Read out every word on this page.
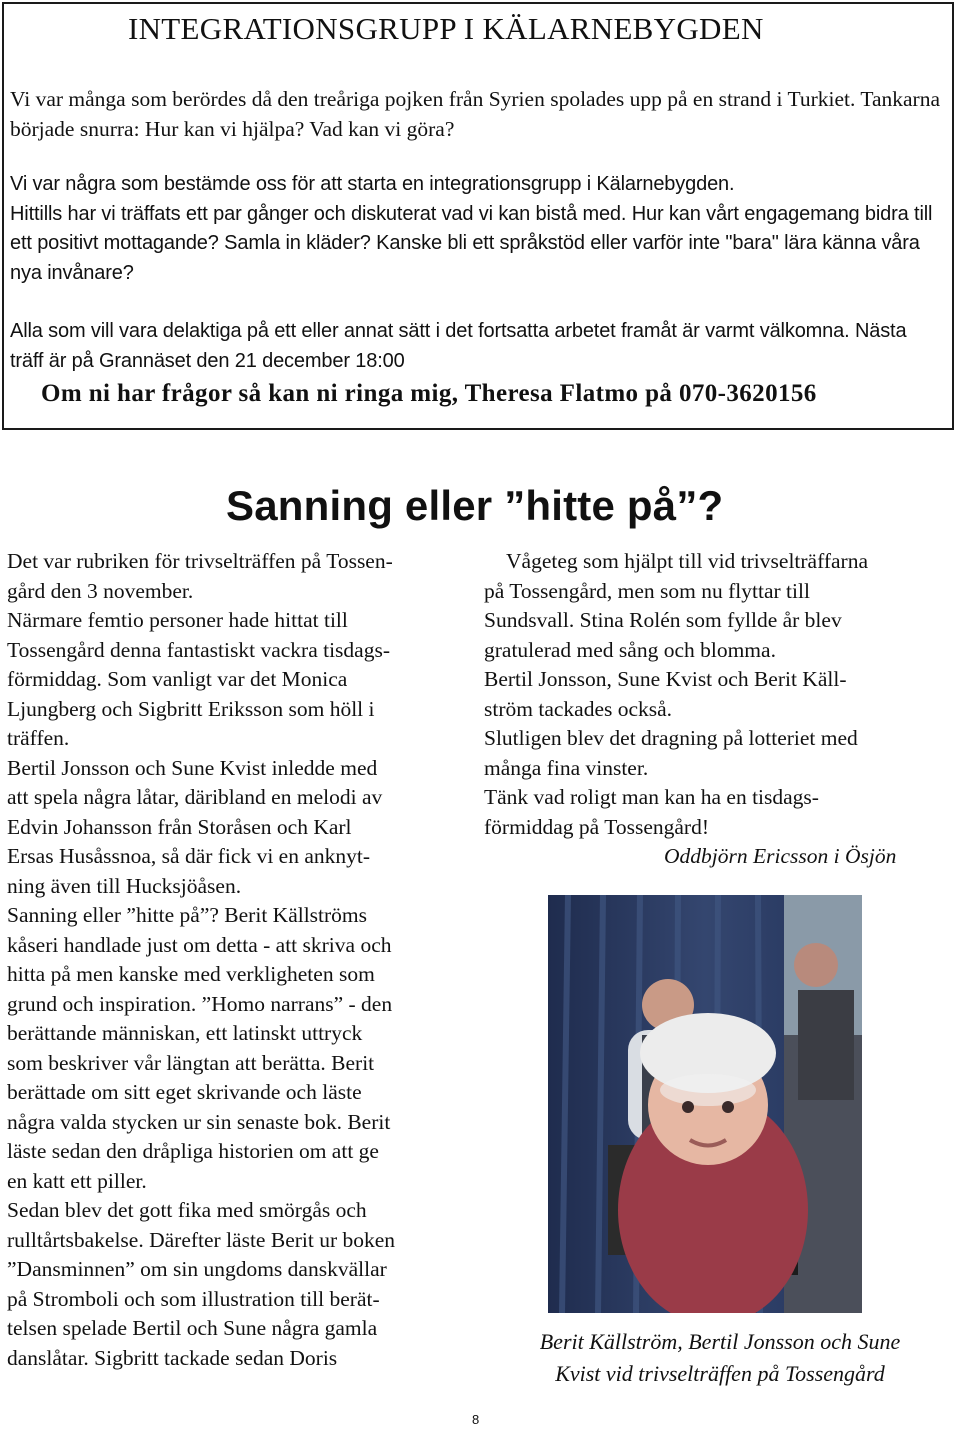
INTEGRATIONSGRUPP I KÄLARNEBYGDEN

Vi var många som berördes då den treåriga pojken från Syrien spolades upp på en strand i Turkiet. Tankarna började snurra: Hur kan vi hjälpa? Vad kan vi göra?

Vi var några som bestämde oss för att starta en integrationsgrupp i Kälarnebygden.
Hittills har vi träffats ett par gånger och diskuterat vad vi kan bistå med. Hur kan vårt engagemang bidra till ett positivt mottagande? Samla in kläder? Kanske bli ett språkstöd eller varför inte "bara" lära känna våra nya invånare?

Alla som vill vara delaktiga på ett eller annat sätt i det fortsatta arbetet framåt är varmt välkomna. Nästa träff är på Grannäset den 21 december 18:00

Om ni har frågor så kan ni ringa mig, Theresa Flatmo på 070-3620156
Sanning eller ”hitte på”?
Det var rubriken för trivselträffen på Tossen-
gård den 3 november.
Närmare femtio personer hade hittat till
Tossengård denna fantastiskt vackra tisdags-
förmiddag. Som vanligt var det Monica
Ljungberg och Sigbritt Eriksson som höll i
träffen.
Bertil Jonsson och Sune Kvist inledde med
att spela några låtar, däribland en melodi av
Edvin Johansson från Storåsen och Karl
Ersas Husåssnoa, så där fick vi en anknyt-
ning även till Hucksjöåsen.
Sanning eller ”hitte på”? Berit Källströms
kåseri handlade just om detta - att skriva och
hitta på men kanske med verkligheten som
grund och inspiration. ”Homo narrans” - den
berättande människan, ett latinskt uttryck
som beskriver vår längtan att berätta. Berit
berättade om sitt eget skrivande och läste
några valda stycken ur sin senaste bok. Berit
läste sedan den dråpliga historien om att ge
en katt ett piller.
Sedan blev det gott fika med smörgås och
rulltårtsbakelse. Därefter läste Berit ur boken
”Dansminnen” om sin ungdoms danskvällar
på Stromboli och som illustration till berät-
telsen spelade Bertil och Sune några gamla
danslåtar. Sigbritt tackade sedan Doris
Vågeteg som hjälpt till vid trivselträffarna
på Tossengård, men som nu flyttar till
Sundsvall. Stina Rolén som fyllde år blev
gratulerad med sång och blomma.
Bertil Jonsson, Sune Kvist och Berit Käll-
ström tackades också.
Slutligen blev det dragning på lotteriet med
många fina vinster.
Tänk vad roligt man kan ha en tisdags-
förmiddag på Tossengård!
Oddbjörn Ericsson i Ösjön
Berit Källström, Bertil Jonsson och Sune
Kvist vid trivselträffen på Tossengård
8
